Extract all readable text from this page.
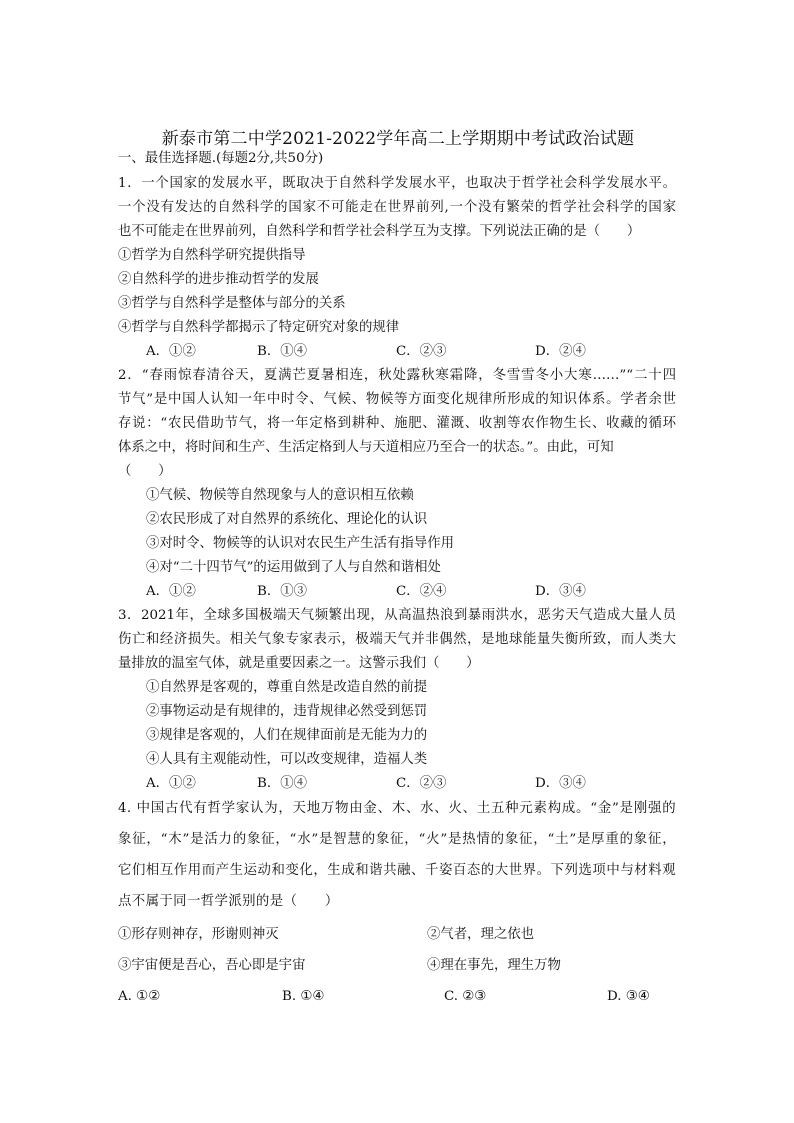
新泰市第二中学2021-2022学年高二上学期期中考试政治试题
一、最佳选择题.(每题2分,共50分)
1．一个国家的发展水平，既取决于自然科学发展水平，也取决于哲学社会科学发展水平。
一个没有发达的自然科学的国家不可能走在世界前列,一个没有繁荣的哲学社会科学的国家
也不可能走在世界前列，自然科学和哲学社会科学互为支撑。下列说法正确的是（　　）
①哲学为自然科学研究提供指导
②自然科学的进步推动哲学的发展
③哲学与自然科学是整体与部分的关系
④哲学与自然科学都揭示了特定研究对象的规律
A．①②	B．①④	C．②③	D．②④
2．“春雨惊春清谷天，夏满芒夏暑相连，秋处露秋寒霜降，冬雪雪冬小大寒……”“二十四
节气”是中国人认知一年中时令、气候、物候等方面变化规律所形成的知识体系。学者余世
存说：“农民借助节气，将一年定格到耕种、施肥、灌溉、收割等农作物生长、收藏的循环
体系之中，将时间和生产、生活定格到人与天道相应乃至合一的状态。”。由此，可知
（　　）
①气候、物候等自然现象与人的意识相互依赖
②农民形成了对自然界的系统化、理论化的认识
③对时令、物候等的认识对农民生产生活有指导作用
④对“二十四节气”的运用做到了人与自然和谐相处
A．①②	B．①③	C．②④	D．③④
3．2021年，全球多国极端天气频繁出现，从高温热浪到暴雨洪水，恶劣天气造成大量人员
伤亡和经济损失。相关气象专家表示，极端天气并非偶然，是地球能量失衡所致，而人类大
量排放的温室气体，就是重要因素之一。这警示我们（　　）
①自然界是客观的，尊重自然是改造自然的前提
②事物运动是有规律的，违背规律必然受到惩罚
③规律是客观的，人们在规律面前是无能为力的
④人具有主观能动性，可以改变规律，造福人类
A．①②	B．①④	C．②③	D．③④
4. 中国古代有哲学家认为，天地万物由金、木、水、火、土五种元素构成。“金”是刚强的
象征，“木”是活力的象征，“水”是智慧的象征，“火”是热情的象征，“土”是厚重的象征，
它们相互作用而产生运动和变化，生成和谐共融、千姿百态的大世界。下列选项中与材料观
点不属于同一哲学派别的是（　　）
①形存则神存，形谢则神灭	②气者，理之依也
③宇宙便是吾心，吾心即是宇宙	④理在事先，理生万物
A. ①②	B. ①④	C. ②③	D. ③④
